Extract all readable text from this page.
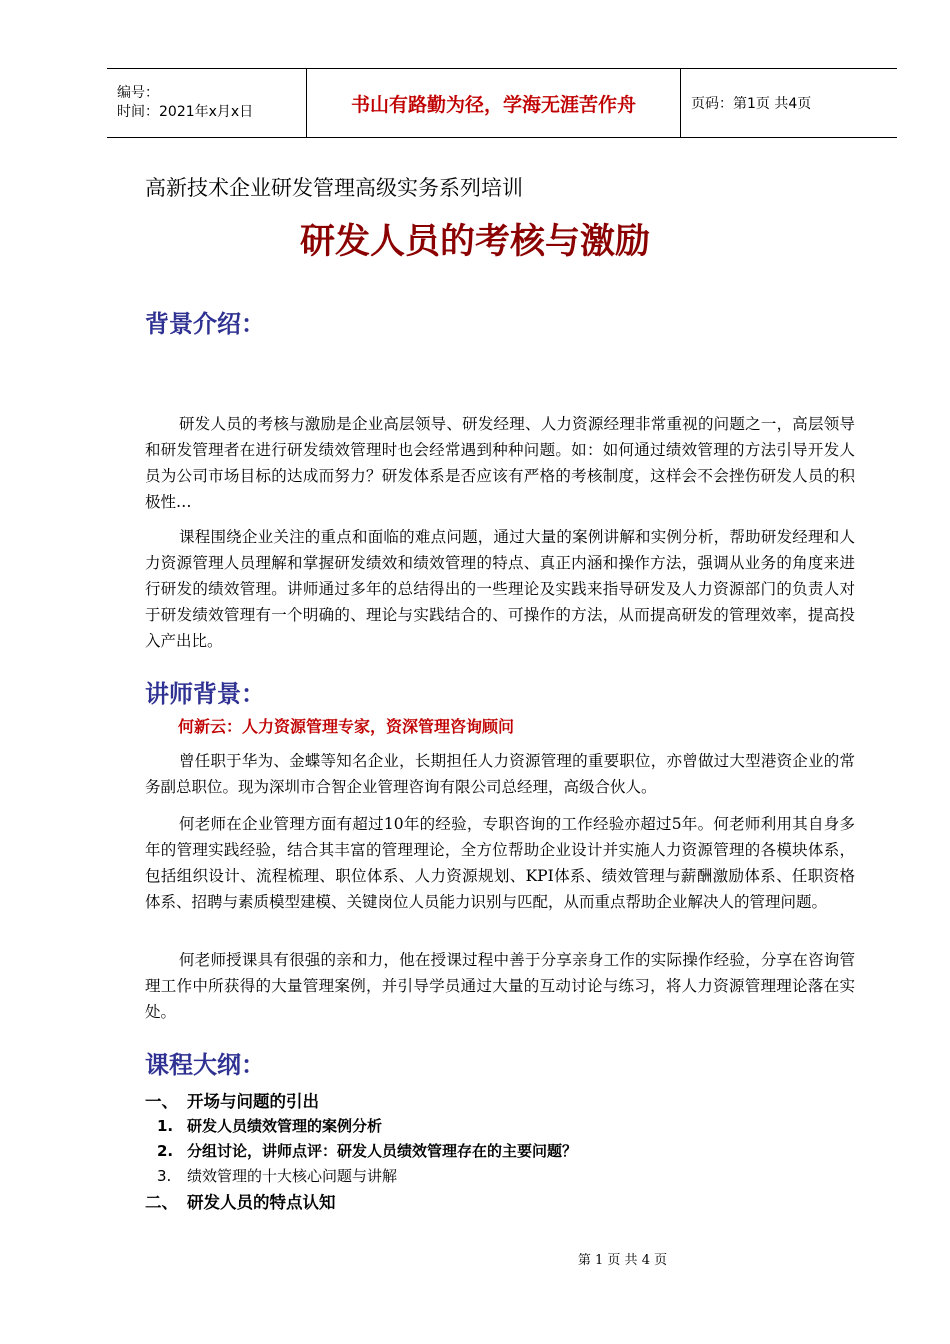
编号：
时间：2021年x月x日	书山有路勤为径，学海无涯苦作舟	页码：第1页 共4页
高新技术企业研发管理高级实务系列培训
研发人员的考核与激励
背景介绍：

研发人员的考核与激励是企业高层领导、研发经理、人力资源经理非常重视的问题之一，高层领导和研发管理者在进行研发绩效管理时也会经常遇到种种问题。如：如何通过绩效管理的方法引导开发人员为公司市场目标的达成而努力？研发体系是否应该有严格的考核制度，这样会不会挫伤研发人员的积极性…

课程围绕企业关注的重点和面临的难点问题，通过大量的案例讲解和实例分析，帮助研发经理和人力资源管理人员理解和掌握研发绩效和绩效管理的特点、真正内涵和操作方法，强调从业务的角度来进行研发的绩效管理。讲师通过多年的总结得出的一些理论及实践来指导研发及人力资源部门的负责人对于研发绩效管理有一个明确的、理论与实践结合的、可操作的方法，从而提高研发的管理效率，提高投入产出比。

讲师背景：
何新云：人力资源管理专家，资深管理咨询顾问

曾任职于华为、金蝶等知名企业，长期担任人力资源管理的重要职位，亦曾做过大型港资企业的常务副总职位。现为深圳市合智企业管理咨询有限公司总经理，高级合伙人。

何老师在企业管理方面有超过10年的经验，专职咨询的工作经验亦超过5年。何老师利用其自身多年的管理实践经验，结合其丰富的管理理论，全方位帮助企业设计并实施人力资源管理的各模块体系，包括组织设计、流程梳理、职位体系、人力资源规划、KPI体系、绩效管理与薪酬激励体系、任职资格体系、招聘与素质模型建模、关键岗位人员能力识别与匹配，从而重点帮助企业解决人的管理问题。

何老师授课具有很强的亲和力，他在授课过程中善于分享亲身工作的实际操作经验，分享在咨询管理工作中所获得的大量管理案例，并引导学员通过大量的互动讨论与练习，将人力资源管理理论落在实处。

课程大纲：
一、 开场与问题的引出
1. 研发人员绩效管理的案例分析
2. 分组讨论，讲师点评：研发人员绩效管理存在的主要问题？
3.	绩效管理的十大核心问题与讲解
二、 研发人员的特点认知
第 1 页 共 4 页
